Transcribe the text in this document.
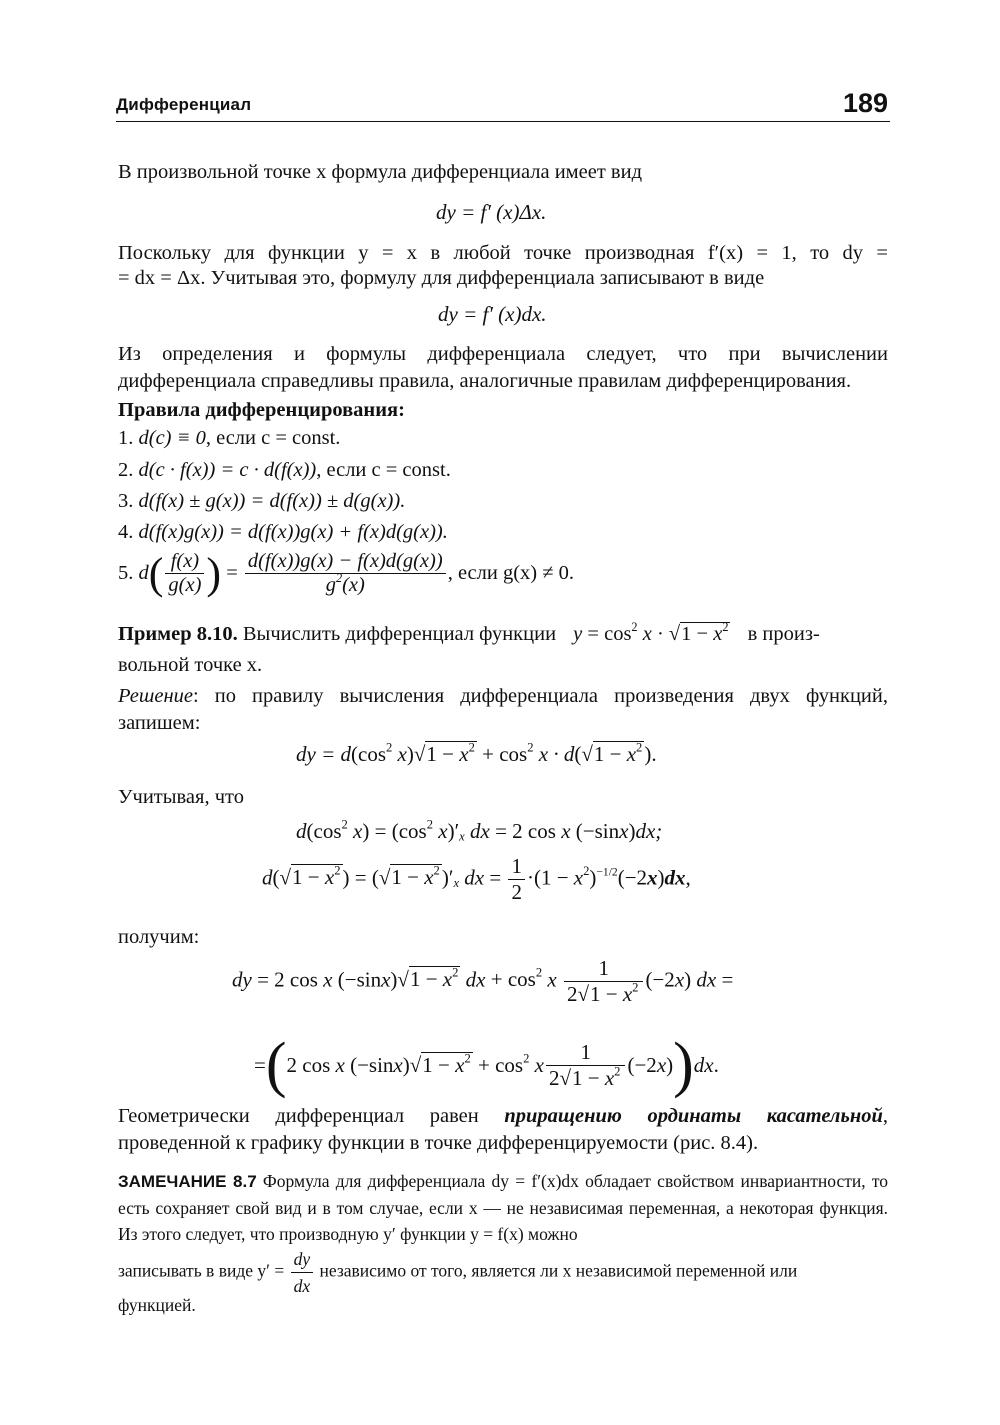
Дифференциал	189
В произвольной точке x формула дифференциала имеет вид
dy = f′ (x)Δx.
Поскольку для функции y = x в любой точке производная f′(x) = 1, то dy =
= dx = Δx. Учитывая это, формулу для дифференциала записывают в виде
dy = f′ (x)dx.
Из определения и формулы дифференциала следует, что при вычислении дифференциала справедливы правила, аналогичные правилам дифференцирования.
Правила дифференцирования:
1. d(c) ≡ 0, если c = const.
2. d(c · f(x)) = c · d(f(x)), если c = const.
3. d(f(x) ± g(x)) = d(f(x)) ± d(g(x)).
4. d(f(x)g(x)) = d(f(x))g(x) + f(x)d(g(x)).
5. $d( \frac{f(x)}{g(x)}$ ) = $\frac{d(f(x))g(x) - f(x)d(g(x))}{g^2(x)}$ , если g(x) ≠ 0.
Пример 8.10. Вычислить дифференциал функции $y = \cos^2 x \cdot √1 - x^2$ в произ-
вольной точке x.
Решение: по правилу вычисления дифференциала произведения двух функций, запишем:
dy = $d(\cos^2$ $x)√1 - x^2 + \cos^2 x \cdot d(√1 - x^2)$.
Учитывая, что
$d(\cos^2$ $x) = (\cos^2$ $x)'_x$ dx = 2 cos x (−sinx)dx;
$d(√1 - x^2) = (√1 - x^2)'_x$ dx = $\frac{1}{2} \cdot(1 - x^2)^{-1/2}(-2x)dx$,
получим:
dy = 2 cos x $(-\sin x)√1 - x^2$ dx + $\cos^2 x \frac{1}{2√1 - x^2} (-2x)$ dx =
=(2 cos x $(-\sin x)√1 - x^2 + \cos^2 x \frac{1}{2√1 - x^2} (-2x))dx$.
Геометрически дифференциал равен приращению ординаты касательной, проведенной к графику функции в точке дифференцируемости (рис. 8.4).
ЗАМЕЧАНИЕ 8.7 Формула для дифференциала dy = f′(x)dx обладает свойством инвариантности, то есть сохраняет свой вид и в том случае, если x — не независимая переменная, а некоторая функция. Из этого следует, что производную y′ функции y = f(x) можно
записывать в виде $y' = \frac{dy}{dx}$ независимо от того, является ли x независимой переменной или
функцией.
